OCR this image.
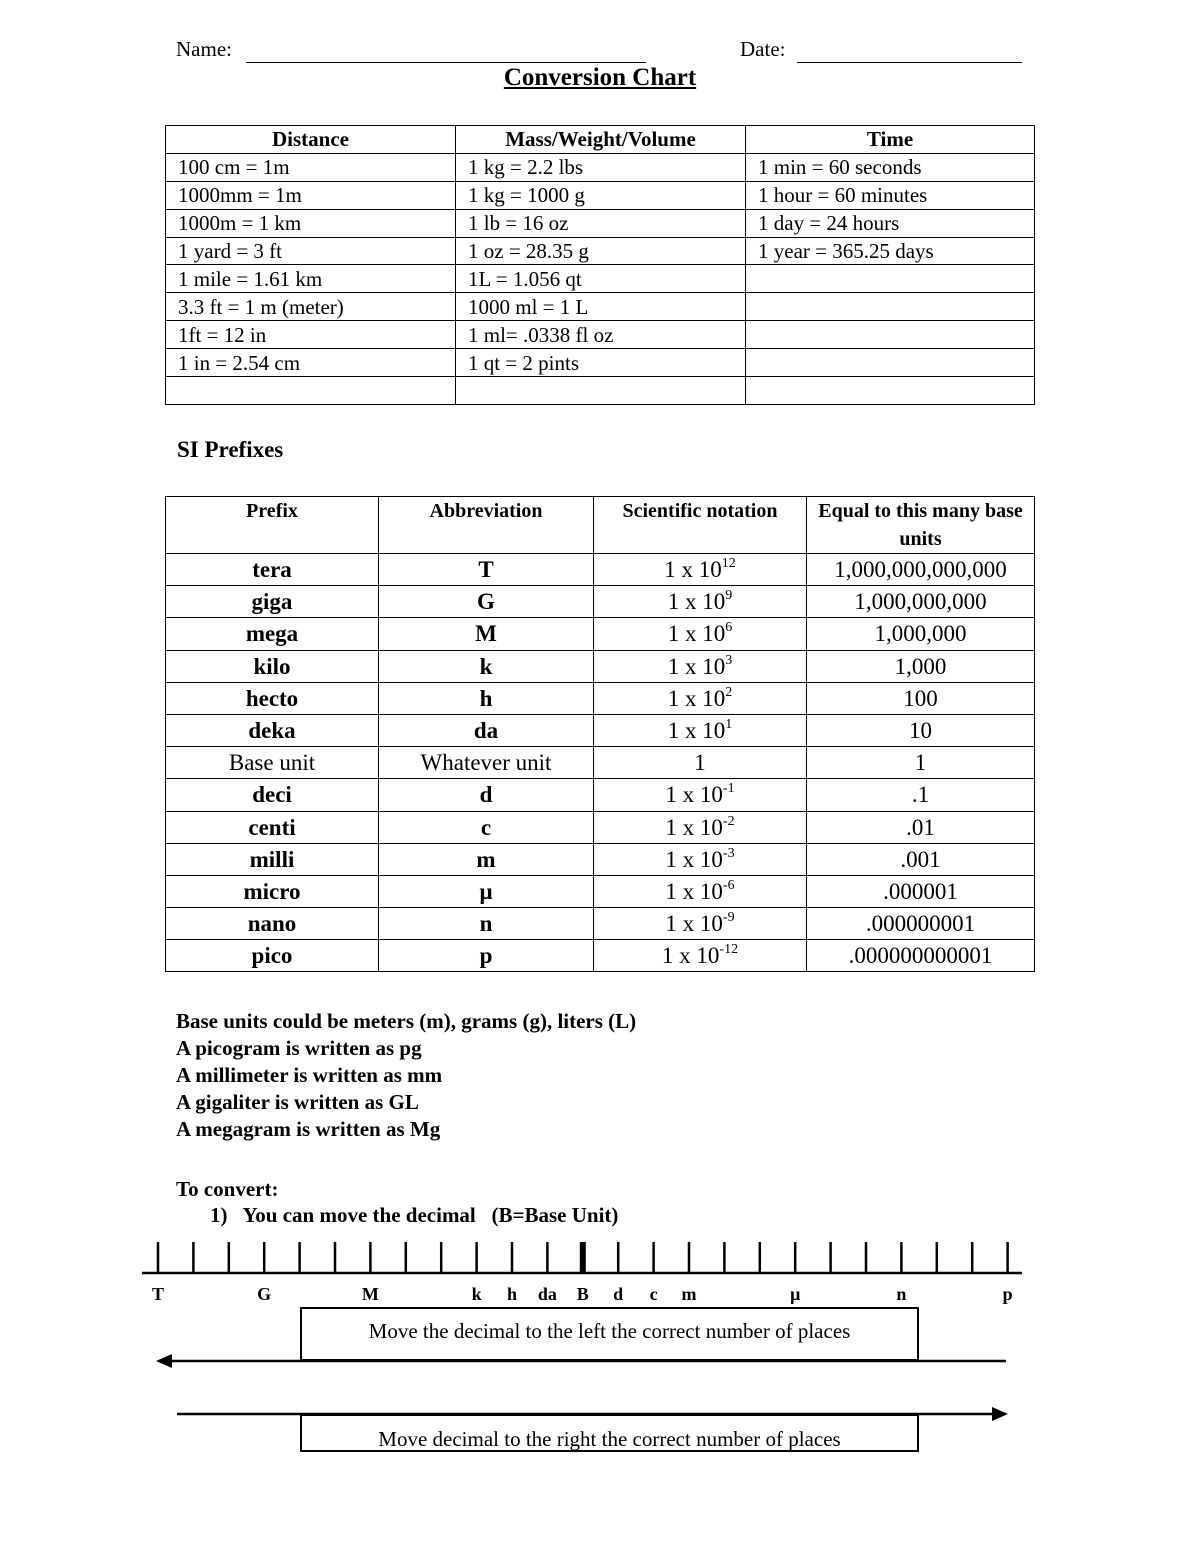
Name:	Date:
Conversion Chart
Distance	Mass/Weight/Volume	Time
100 cm = 1m	1 kg = 2.2 lbs	1 min = 60 seconds
1000mm = 1m	1 kg = 1000 g	1 hour = 60 minutes
1000m = 1 km	1 lb = 16 oz	1 day = 24 hours
1 yard = 3 ft	1 oz = 28.35 g	1 year = 365.25 days
1 mile = 1.61 km	1L = 1.056 qt	
3.3 ft = 1 m (meter)	1000 ml = 1 L	
1ft = 12 in	1 ml= .0338 fl oz	
1 in = 2.54 cm	1 qt = 2 pints	

SI Prefixes
Prefix	Abbreviation	Scientific notation	Equal to this many base units
tera	T	1 x $10^{12}$	1,000,000,000,000
giga	G	1 x $10^9$	1,000,000,000
mega	M	1 x $10^6$	1,000,000
kilo	k	1 x $10^3$	1,000
hecto	h	1 x $10^2$	100
deka	da	1 x $10^1$	10
Base unit	Whatever unit	1	1
deci	d	1 x $10^{-1}$	.1
centi	c	1 x $10^{-2}$	.01
milli	m	1 x $10^{-3}$	.001
micro	μ	1 x $10^{-6}$	.000001
nano	n	1 x $10^{-9}$	.000000001
pico	p	1 x $10^{-12}$	.000000000001
Base units could be meters (m), grams (g), liters (L)
A picogram is written as pg
A millimeter is written as mm
A gigaliter is written as GL
A megagram is written as Mg
To convert:
1)   You can move the decimal   (B=Base Unit)
T	G	M	k h da B d c m	μ	n	p
Move the decimal to the left the correct number of places
Move decimal to the right the correct number of places
